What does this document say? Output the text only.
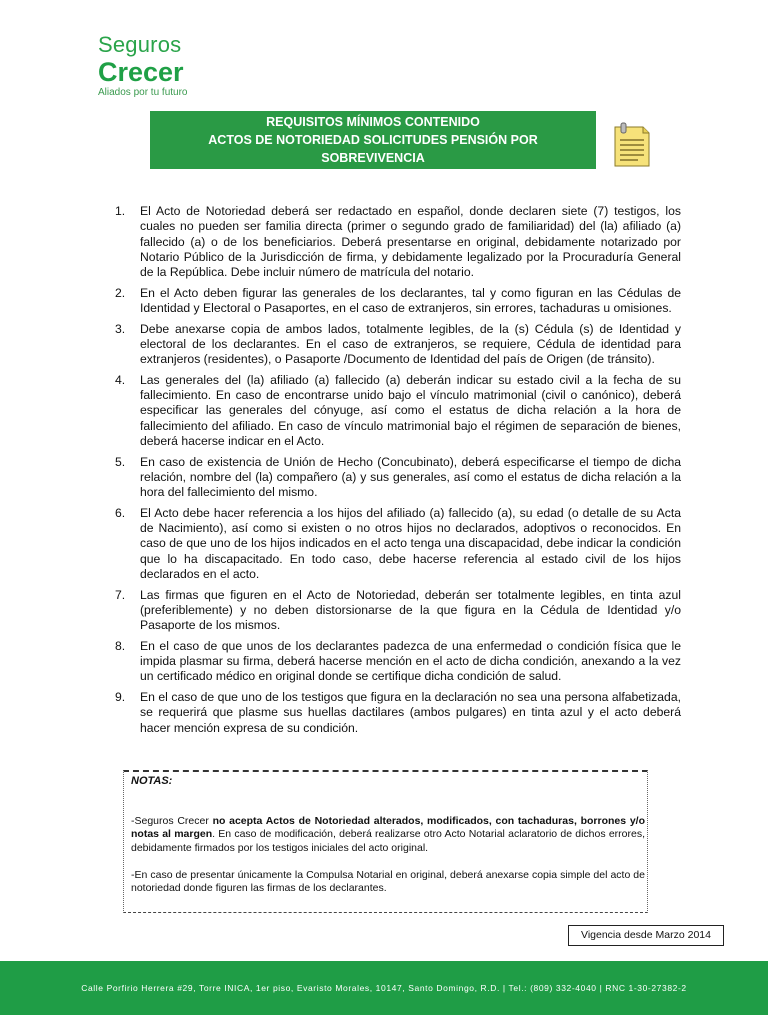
Seguros
Crecer
Aliados por tu futuro
REQUISITOS MÍNIMOS CONTENIDO
ACTOS DE NOTORIEDAD SOLICITUDES PENSIÓN POR
SOBREVIVENCIA
1. El Acto de Notoriedad deberá ser redactado en español, donde declaren siete (7) testigos, los cuales no pueden ser familia directa (primer o segundo grado de familiaridad) del (la) afiliado (a) fallecido (a) o de los beneficiarios. Deberá presentarse en original, debidamente notarizado por Notario Público de la Jurisdicción de firma, y debidamente legalizado por la Procuraduría General de la República. Debe incluir número de matrícula del notario.
2. En el Acto deben figurar las generales de los declarantes, tal y como figuran en las Cédulas de Identidad y Electoral o Pasaportes, en el caso de extranjeros, sin errores, tachaduras u omisiones.
3. Debe anexarse copia de ambos lados, totalmente legibles, de la (s) Cédula (s) de Identidad y electoral de los declarantes. En el caso de extranjeros, se requiere, Cédula de identidad para extranjeros (residentes), o Pasaporte /Documento de Identidad del país de Origen (de tránsito).
4. Las generales del (la) afiliado (a) fallecido (a) deberán indicar su estado civil a la fecha de su fallecimiento. En caso de encontrarse unido bajo el vínculo matrimonial (civil o canónico), deberá especificar las generales del cónyuge, así como el estatus de dicha relación a la hora de fallecimiento del afiliado. En caso de vínculo matrimonial bajo el régimen de separación de bienes, deberá hacerse indicar en el Acto.
5. En caso de existencia de Unión de Hecho (Concubinato), deberá especificarse el tiempo de dicha relación, nombre del (la) compañero (a) y sus generales, así como el estatus de dicha relación a la hora del fallecimiento del mismo.
6. El Acto debe hacer referencia a los hijos del afiliado (a) fallecido (a), su edad (o detalle de su Acta de Nacimiento), así como si existen o no otros hijos no declarados, adoptivos o reconocidos. En caso de que uno de los hijos indicados en el acto tenga una discapacidad, debe indicar la condición que lo ha discapacitado. En todo caso, debe hacerse referencia al estado civil de los hijos declarados en el acto.
7. Las firmas que figuren en el Acto de Notoriedad, deberán ser totalmente legibles, en tinta azul (preferiblemente) y no deben distorsionarse de la que figura en la Cédula de Identidad y/o Pasaporte de los mismos.
8. En el caso de que unos de los declarantes padezca de una enfermedad o condición física que le impida plasmar su firma, deberá hacerse mención en el acto de dicha condición, anexando a la vez un certificado médico en original donde se certifique dicha condición de salud.
9. En el caso de que uno de los testigos que figura en la declaración no sea una persona alfabetizada, se requerirá que plasme sus huellas dactilares (ambos pulgares) en tinta azul y el acto deberá hacer mención expresa de su condición.
NOTAS:
-Seguros Crecer no acepta Actos de Notoriedad alterados, modificados, con tachaduras, borrones y/o notas al margen. En caso de modificación, deberá realizarse otro Acto Notarial aclaratorio de dichos errores, debidamente firmados por los testigos iniciales del acto original.
-En caso de presentar únicamente la Compulsa Notarial en original, deberá anexarse copia simple del acto de notoriedad donde figuren las firmas de los declarantes.
Vigencia desde Marzo 2014
Calle Porfirio Herrera #29, Torre INICA, 1er piso, Evaristo Morales, 10147, Santo Domingo, R.D. | Tel.: (809) 332-4040 | RNC 1-30-27382-2
